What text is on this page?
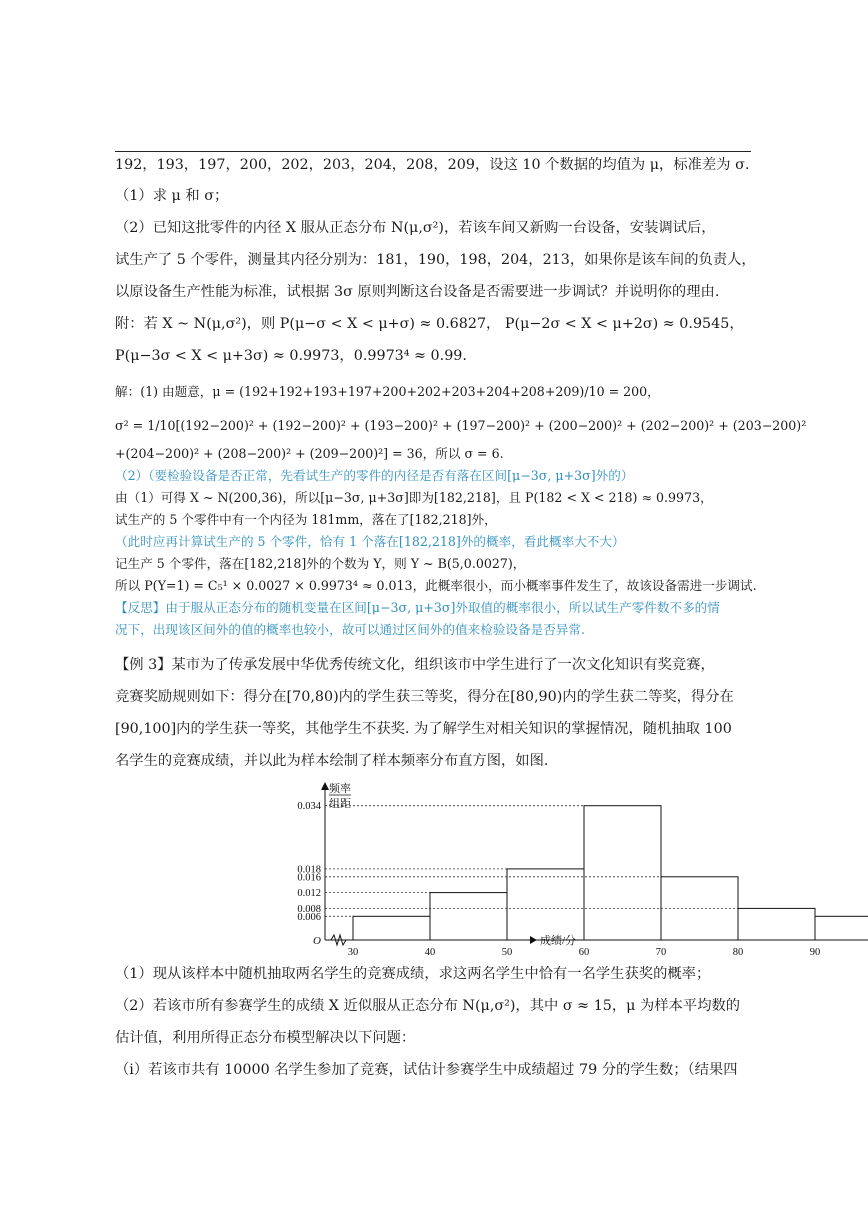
192，193，197，200，202，203，204，208，209，设这 10 个数据的均值为 μ，标准差为 σ.
（1）求 μ 和 σ；
（2）已知这批零件的内径 X 服从正态分布 N(μ,σ²)，若该车间又新购一台设备，安装调试后，
试生产了 5 个零件，测量其内径分别为：181，190，198，204，213，如果你是该车间的负责人，
以原设备生产性能为标准，试根据 3σ 原则判断这台设备是否需要进一步调试？并说明你的理由.
附：若 X ~ N(μ,σ²)，则 P(μ−σ < X < μ+σ) ≈ 0.6827， P(μ−2σ < X < μ+2σ) ≈ 0.9545，
P(μ−3σ < X < μ+3σ) ≈ 0.9973，0.9973⁴ ≈ 0.99.
解：(1) 由题意，μ = (192+192+193+197+200+202+203+204+208+209)/10 = 200，
σ² = 1/10[(192−200)² + (192−200)² + (193−200)² + (197−200)² + (200−200)² + (202−200)² + (203−200)²
+(204−200)² + (208−200)² + (209−200)²] = 36，所以 σ = 6.
（2）（要检验设备是否正常，先看试生产的零件的内径是否有落在区间[μ−3σ, μ+3σ]外的）
由（1）可得 X ~ N(200,36)，所以[μ−3σ, μ+3σ]即为[182,218]，且 P(182 < X < 218) ≈ 0.9973，
试生产的 5 个零件中有一个内径为 181mm，落在了[182,218]外，
（此时应再计算试生产的 5 个零件，恰有 1 个落在[182,218]外的概率，看此概率大不大）
记生产 5 个零件，落在[182,218]外的个数为 Y，则 Y ~ B(5,0.0027)，
所以 P(Y=1) = C₅¹ × 0.0027 × 0.9973⁴ ≈ 0.013，此概率很小，而小概率事件发生了，故该设备需进一步调试.
【反思】由于服从正态分布的随机变量在区间[μ−3σ, μ+3σ]外取值的概率很小，所以试生产零件数不多的情
况下，出现该区间外的值的概率也较小，故可以通过区间外的值来检验设备是否异常.
【例 3】某市为了传承发展中华优秀传统文化，组织该市中学生进行了一次文化知识有奖竞赛，
竞赛奖励规则如下：得分在[70,80)内的学生获三等奖，得分在[80,90)内的学生获二等奖，得分在
[90,100]内的学生获一等奖，其他学生不获奖. 为了解学生对相关知识的掌握情况，随机抽取 100
名学生的竞赛成绩，并以此为样本绘制了样本频率分布直方图，如图.
0.034
0.018
0.016
0.012
0.008
0.006
30	40	50	60	70	80	90
O	成绩/分
频率
组距
（1）现从该样本中随机抽取两名学生的竞赛成绩，求这两名学生中恰有一名学生获奖的概率；
（2）若该市所有参赛学生的成绩 X 近似服从正态分布 N(μ,σ²)，其中 σ ≈ 15，μ 为样本平均数的
估计值，利用所得正态分布模型解决以下问题：
（i）若该市共有 10000 名学生参加了竞赛，试估计参赛学生中成绩超过 79 分的学生数；（结果四
